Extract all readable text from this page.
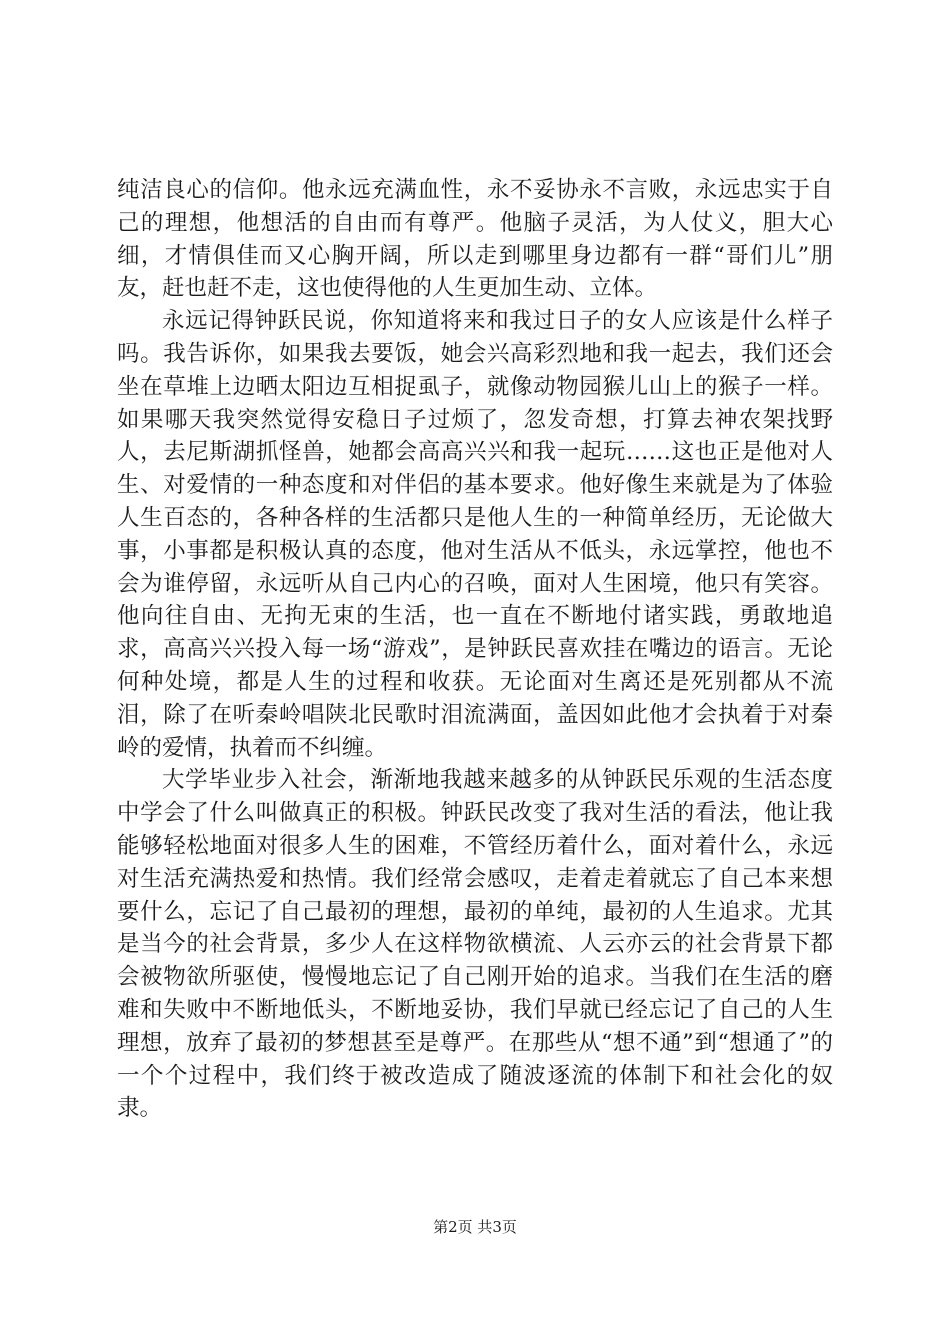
纯洁良心的信仰。他永远充满血性，永不妥协永不言败，永远忠实于自己的理想，他想活的自由而有尊严。他脑子灵活，为人仗义，胆大心细，才情俱佳而又心胸开阔，所以走到哪里身边都有一群“哥们儿”朋友，赶也赶不走，这也使得他的人生更加生动、立体。

永远记得钟跃民说，你知道将来和我过日子的女人应该是什么样子吗。我告诉你，如果我去要饭，她会兴高彩烈地和我一起去，我们还会坐在草堆上边晒太阳边互相捉虱子，就像动物园猴儿山上的猴子一样。如果哪天我突然觉得安稳日子过烦了，忽发奇想，打算去神农架找野人，去尼斯湖抓怪兽，她都会高高兴兴和我一起玩……这也正是他对人生、对爱情的一种态度和对伴侣的基本要求。他好像生来就是为了体验人生百态的，各种各样的生活都只是他人生的一种简单经历，无论做大事，小事都是积极认真的态度，他对生活从不低头，永远掌控，他也不会为谁停留，永远听从自己内心的召唤，面对人生困境，他只有笑容。他向往自由、无拘无束的生活，也一直在不断地付诸实践，勇敢地追求，高高兴兴投入每一场“游戏”，是钟跃民喜欢挂在嘴边的语言。无论何种处境，都是人生的过程和收获。无论面对生离还是死别都从不流泪，除了在听秦岭唱陕北民歌时泪流满面，盖因如此他才会执着于对秦岭的爱情，执着而不纠缠。

大学毕业步入社会，渐渐地我越来越多的从钟跃民乐观的生活态度中学会了什么叫做真正的积极。钟跃民改变了我对生活的看法，他让我能够轻松地面对很多人生的困难，不管经历着什么，面对着什么，永远对生活充满热爱和热情。我们经常会感叹，走着走着就忘了自己本来想要什么，忘记了自己最初的理想，最初的单纯，最初的人生追求。尤其是当今的社会背景，多少人在这样物欲横流、人云亦云的社会背景下都会被物欲所驱使，慢慢地忘记了自己刚开始的追求。当我们在生活的磨难和失败中不断地低头，不断地妥协，我们早就已经忘记了自己的人生理想，放弃了最初的梦想甚至是尊严。在那些从“想不通”到“想通了”的一个个过程中，我们终于被改造成了随波逐流的体制下和社会化的奴隶。

第2页 共3页
